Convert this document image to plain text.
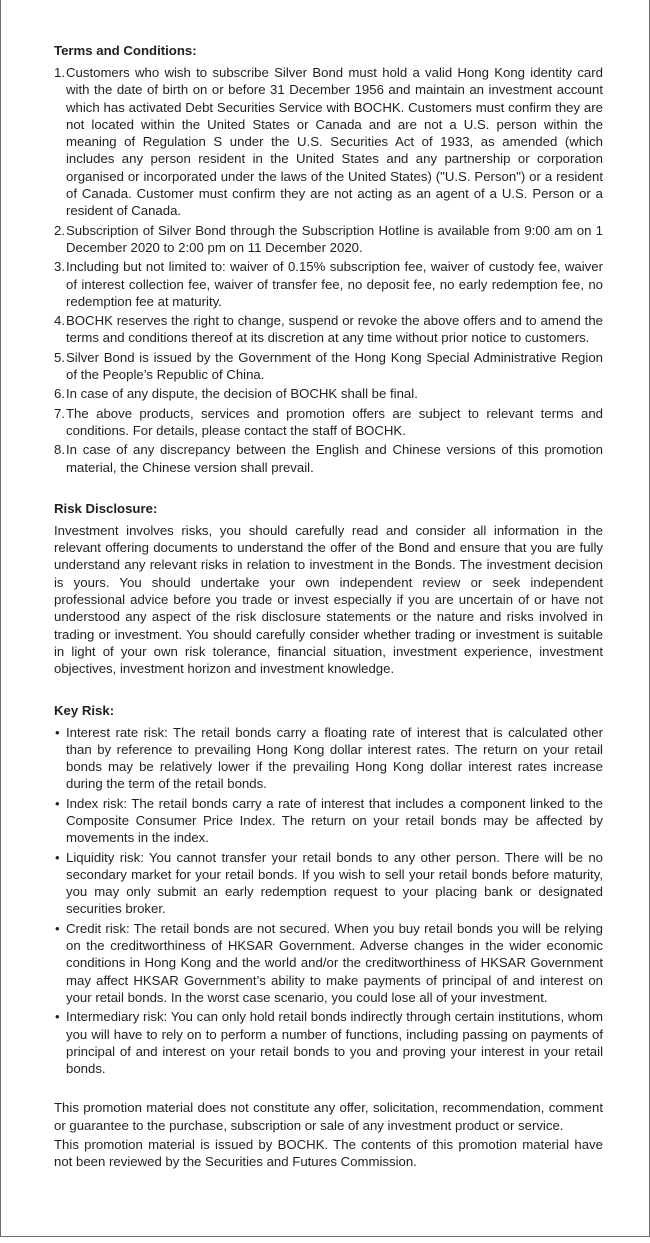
Terms and Conditions:
1. Customers who wish to subscribe Silver Bond must hold a valid Hong Kong identity card with the date of birth on or before 31 December 1956 and maintain an investment account which has activated Debt Securities Service with BOCHK. Customers must confirm they are not located within the United States or Canada and are not a U.S. person within the meaning of Regulation S under the U.S. Securities Act of 1933, as amended (which includes any person resident in the United States and any partnership or corporation organised or incorporated under the laws of the United States) ("U.S. Person") or a resident of Canada. Customer must confirm they are not acting as an agent of a U.S. Person or a resident of Canada.
2. Subscription of Silver Bond through the Subscription Hotline is available from 9:00 am on 1 December 2020 to 2:00 pm on 11 December 2020.
3. Including but not limited to: waiver of 0.15% subscription fee, waiver of custody fee, waiver of interest collection fee, waiver of transfer fee, no deposit fee, no early redemption fee, no redemption fee at maturity.
4. BOCHK reserves the right to change, suspend or revoke the above offers and to amend the terms and conditions thereof at its discretion at any time without prior notice to customers.
5. Silver Bond is issued by the Government of the Hong Kong Special Administrative Region of the People’s Republic of China.
6. In case of any dispute, the decision of BOCHK shall be final.
7. The above products, services and promotion offers are subject to relevant terms and conditions. For details, please contact the staff of BOCHK.
8. In case of any discrepancy between the English and Chinese versions of this promotion material, the Chinese version shall prevail.
Risk Disclosure:

Investment involves risks, you should carefully read and consider all information in the relevant offering documents to understand the offer of the Bond and ensure that you are fully understand any relevant risks in relation to investment in the Bonds. The investment decision is yours. You should undertake your own independent review or seek independent professional advice before you trade or invest especially if you are uncertain of or have not understood any aspect of the risk disclosure statements or the nature and risks involved in trading or investment. You should carefully consider whether trading or investment is suitable in light of your own risk tolerance, financial situation, investment experience, investment objectives, investment horizon and investment knowledge.

Key Risk:
• Interest rate risk: The retail bonds carry a floating rate of interest that is calculated other than by reference to prevailing Hong Kong dollar interest rates. The return on your retail bonds may be relatively lower if the prevailing Hong Kong dollar interest rates increase during the term of the retail bonds.
• Index risk: The retail bonds carry a rate of interest that includes a component linked to the Composite Consumer Price Index. The return on your retail bonds may be affected by movements in the index.
• Liquidity risk: You cannot transfer your retail bonds to any other person. There will be no secondary market for your retail bonds. If you wish to sell your retail bonds before maturity, you may only submit an early redemption request to your placing bank or designated securities broker.
• Credit risk: The retail bonds are not secured. When you buy retail bonds you will be relying on the creditworthiness of HKSAR Government. Adverse changes in the wider economic conditions in Hong Kong and the world and/or the creditworthiness of HKSAR Government may affect HKSAR Government’s ability to make payments of principal of and interest on your retail bonds. In the worst case scenario, you could lose all of your investment.
• Intermediary risk: You can only hold retail bonds indirectly through certain institutions, whom you will have to rely on to perform a number of functions, including passing on payments of principal of and interest on your retail bonds to you and proving your interest in your retail bonds.

This promotion material does not constitute any offer, solicitation, recommendation, comment or guarantee to the purchase, subscription or sale of any investment product or service.

This promotion material is issued by BOCHK. The contents of this promotion material have not been reviewed by the Securities and Futures Commission.
